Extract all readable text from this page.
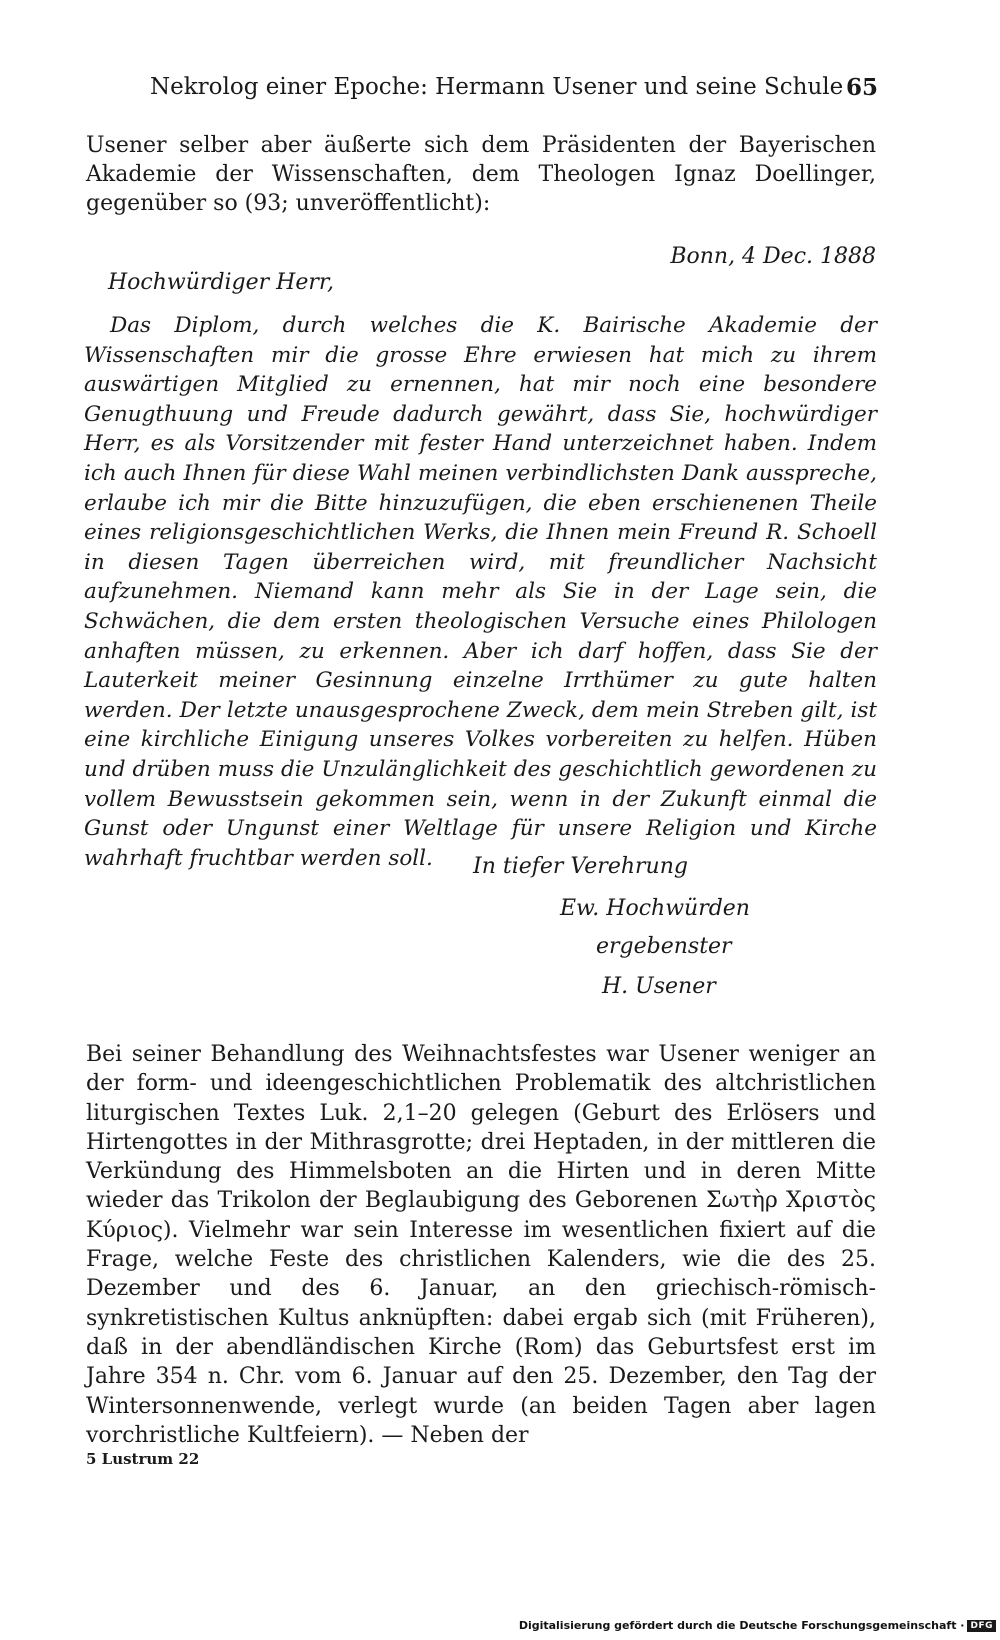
Nekrolog einer Epoche: Hermann Usener und seine Schule 65

Usener selber aber äußerte sich dem Präsidenten der Bayerischen Akademie der Wissenschaften, dem Theologen Ignaz Doellinger, gegenüber so (93; unveröffentlicht):

Bonn, 4 Dec. 1888

Hochwürdiger Herr,

Das Diplom, durch welches die K. Bairische Akademie der Wissenschaften mir die grosse Ehre erwiesen hat mich zu ihrem auswärtigen Mitglied zu ernennen, hat mir noch eine besondere Genugthuung und Freude dadurch gewährt, dass Sie, hochwürdiger Herr, es als Vorsitzender mit fester Hand unterzeichnet haben. Indem ich auch Ihnen für diese Wahl meinen verbindlichsten Dank ausspreche, erlaube ich mir die Bitte hinzuzufügen, die eben erschienenen Theile eines religionsgeschichtlichen Werks, die Ihnen mein Freund R. Schoell in diesen Tagen überreichen wird, mit freundlicher Nachsicht aufzunehmen. Niemand kann mehr als Sie in der Lage sein, die Schwächen, die dem ersten theologischen Versuche eines Philologen anhaften müssen, zu erkennen. Aber ich darf hoffen, dass Sie der Lauterkeit meiner Gesinnung einzelne Irrthümer zu gute halten werden. Der letzte unausgesprochene Zweck, dem mein Streben gilt, ist eine kirchliche Einigung unseres Volkes vorbereiten zu helfen. Hüben und drüben muss die Unzulänglichkeit des geschichtlich gewordenen zu vollem Bewusstsein gekommen sein, wenn in der Zukunft einmal die Gunst oder Ungunst einer Weltlage für unsere Religion und Kirche wahrhaft fruchtbar werden soll.	In tiefer Verehrung

Ew. Hochwürden

ergebenster

H. Usener

Bei seiner Behandlung des Weihnachtsfestes war Usener weniger an der form- und ideengeschichtlichen Problematik des altchristlichen liturgischen Textes Luk. 2,1–20 gelegen (Geburt des Erlösers und Hirtengottes in der Mithrasgrotte; drei Heptaden, in der mittleren die Verkündung des Himmelsboten an die Hirten und in deren Mitte wieder das Trikolon der Beglaubigung des Geborenen Σωτὴρ Χριστὸς Κύριος). Vielmehr war sein Interesse im wesentlichen fixiert auf die Frage, welche Feste des christlichen Kalenders, wie die des 25. Dezember und des 6. Januar, an den griechisch-römisch-synkretistischen Kultus anknüpften: dabei ergab sich (mit Früheren), daß in der abendländischen Kirche (Rom) das Geburtsfest erst im Jahre 354 n. Chr. vom 6. Januar auf den 25. Dezember, den Tag der Wintersonnenwende, verlegt wurde (an beiden Tagen aber lagen vorchristliche Kultfeiern). — Neben der

5 Lustrum 22

Digitalisierung gefördert durch die Deutsche Forschungsgemeinschaft · DFG
